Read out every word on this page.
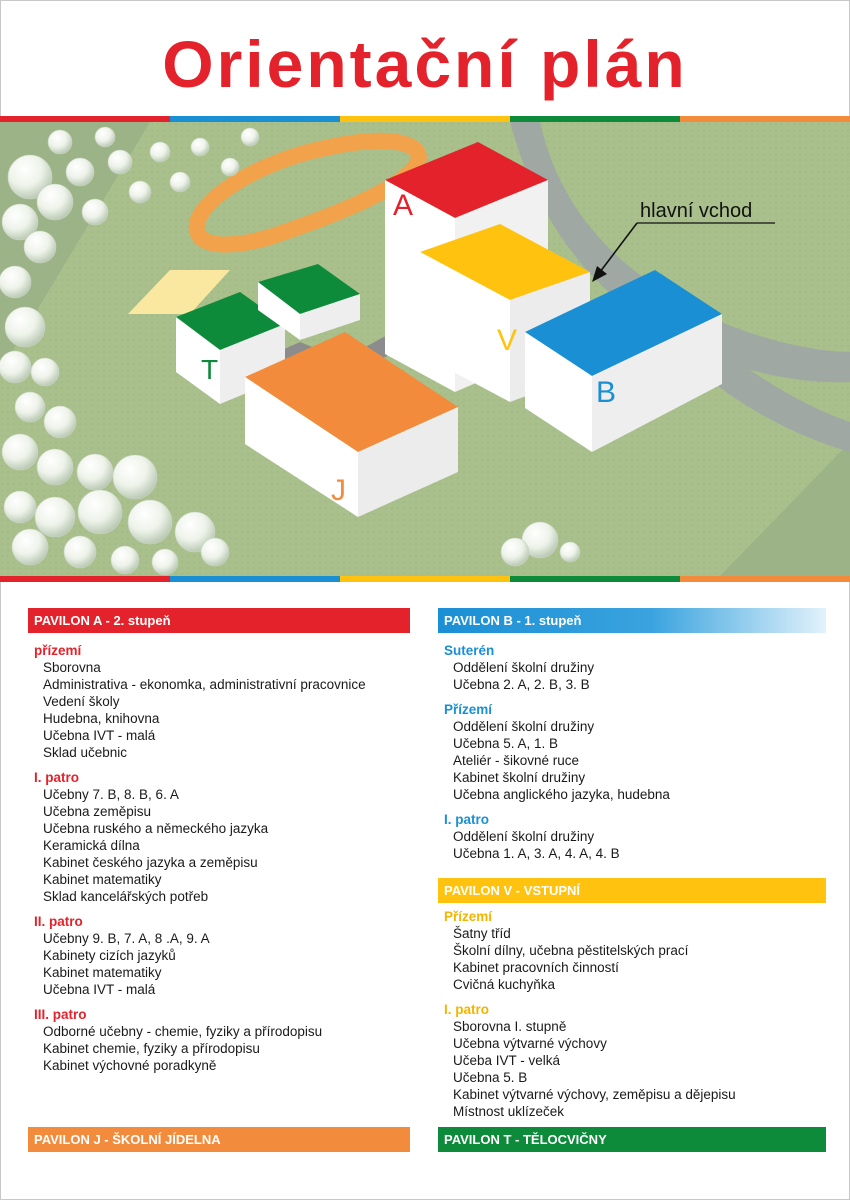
Orientační plán
A
V
B
J
T
hlavní vchod
PAVILON A - 2. stupeň
přízemí
Sborovna
Administrativa - ekonomka, administrativní pracovnice
Vedení školy
Hudebna, knihovna
Učebna IVT - malá
Sklad učebnic
I. patro
Učebny 7. B, 8. B, 6. A
Učebna zeměpisu
Učebna ruského a německého jazyka
Keramická dílna
Kabinet českého jazyka a zeměpisu
Kabinet matematiky
Sklad kancelářských potřeb
II. patro
Učebny 9. B, 7. A, 8 .A, 9. A
Kabinety cizích jazyků
Kabinet matematiky
Učebna IVT - malá
III. patro
Odborné učebny - chemie, fyziky a přírodopisu
Kabinet chemie, fyziky a přírodopisu
Kabinet výchovné poradkyně
PAVILON J - ŠKOLNÍ JÍDELNA
PAVILON B - 1. stupeň
Suterén
Oddělení školní družiny
Učebna 2. A, 2. B, 3. B
Přízemí
Oddělení školní družiny
Učebna 5. A, 1. B
Ateliér - šikovné ruce
Kabinet školní družiny
Učebna anglického jazyka, hudebna
I. patro
Oddělení školní družiny
Učebna 1. A, 3. A, 4. A, 4. B
PAVILON V - VSTUPNÍ
Přízemí
Šatny tříd
Školní dílny, učebna pěstitelských prací
Kabinet pracovních činností
Cvičná kuchyňka
I. patro
Sborovna I. stupně
Učebna výtvarné výchovy
Učeba IVT - velká
Učebna 5. B
Kabinet výtvarné výchovy, zeměpisu a dějepisu
Místnost uklízeček
PAVILON T - TĚLOCVIČNY
